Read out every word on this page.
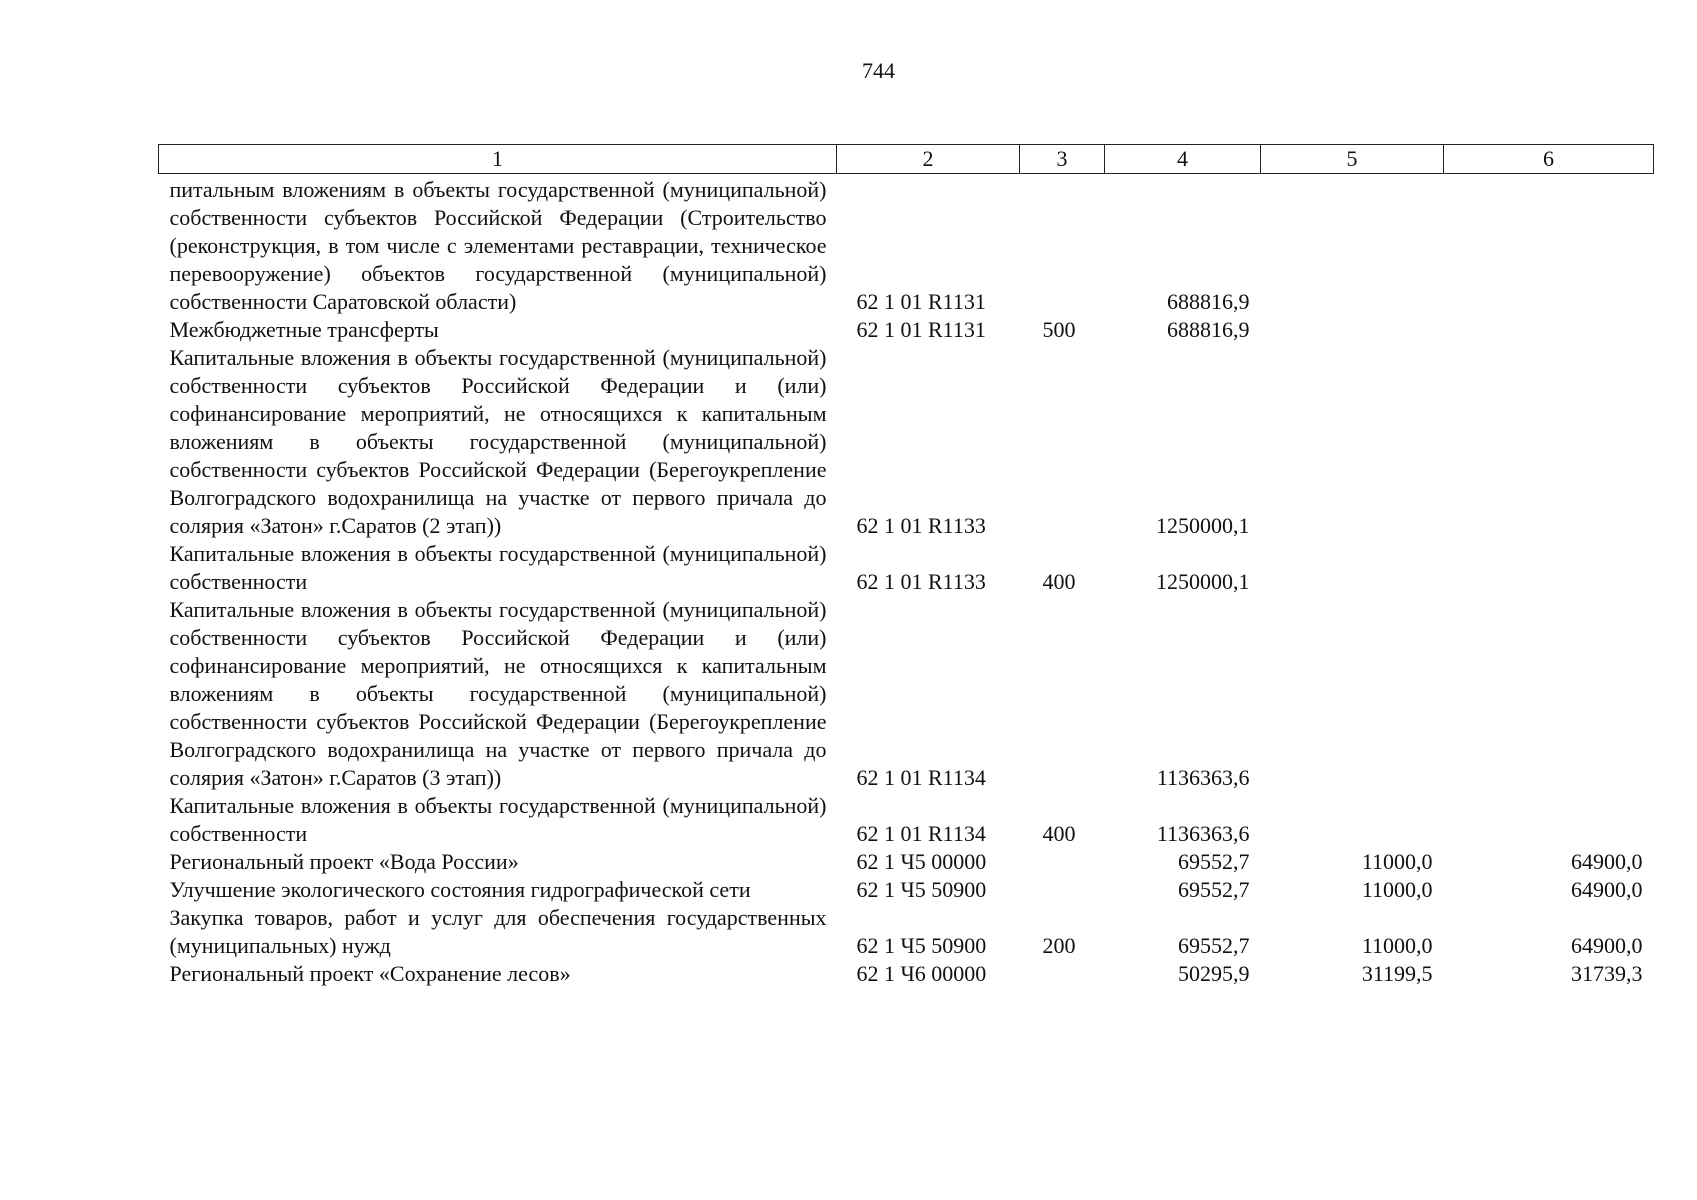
744
1	2	3	4	5	6
питальным вложениям в объекты государственной (муниципальной) собственности субъектов Российской Федерации (Строительство (реконструкция, в том числе с элементами реставрации, техническое перевооружение) объектов государственной (муниципальной) собственности Саратовской области)	62 1 01 R1131		688816,9		
Межбюджетные трансферты	62 1 01 R1131	500	688816,9		
Капитальные вложения в объекты государственной (муниципальной) собственности субъектов Российской Федерации и (или) софинансирование мероприятий, не относящихся к капитальным вложениям в объекты государственной (муниципальной) собственности субъектов Российской Федерации (Берегоукрепление Волгоградского водохранилища на участке от первого причала до солярия «Затон» г.Саратов (2 этап))	62 1 01 R1133		1250000,1		
Капитальные вложения в объекты государственной (муниципальной) собственности	62 1 01 R1133	400	1250000,1		
Капитальные вложения в объекты государственной (муниципальной) собственности субъектов Российской Федерации и (или) софинансирование мероприятий, не относящихся к капитальным вложениям в объекты государственной (муниципальной) собственности субъектов Российской Федерации (Берегоукрепление Волгоградского водохранилища на участке от первого причала до солярия «Затон» г.Саратов (3 этап))	62 1 01 R1134		1136363,6		
Капитальные вложения в объекты государственной (муниципальной) собственности	62 1 01 R1134	400	1136363,6		
Региональный проект «Вода России»	62 1 Ч5 00000		69552,7	11000,0	64900,0
Улучшение экологического состояния гидрографической сети	62 1 Ч5 50900		69552,7	11000,0	64900,0
Закупка товаров, работ и услуг для обеспечения государственных (муниципальных) нужд	62 1 Ч5 50900	200	69552,7	11000,0	64900,0
Региональный проект «Сохранение лесов»	62 1 Ч6 00000		50295,9	31199,5	31739,3
